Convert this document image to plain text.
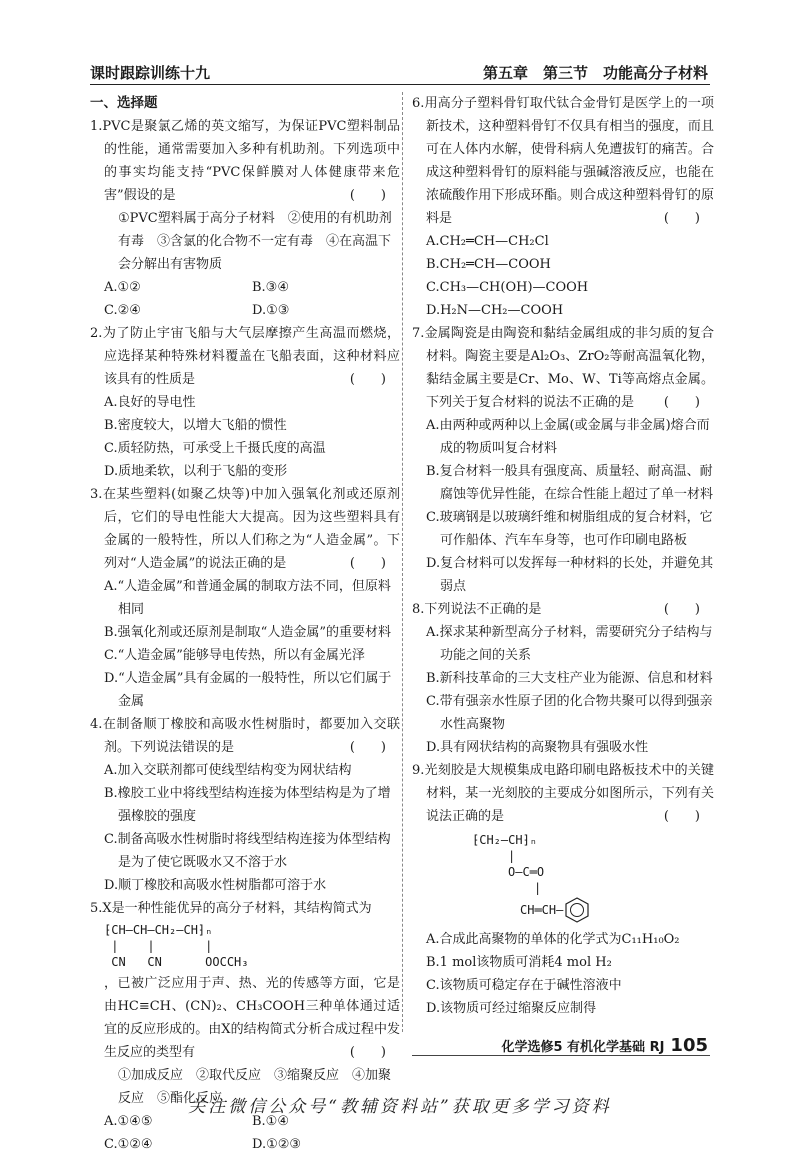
课时跟踪训练十九	第五章　第三节　功能高分子材料
一、选择题

1.PVC是聚氯乙烯的英文缩写，为保证PVC塑料制品的性能，通常需要加入多种有机助剂。下列选项中的事实均能支持“PVC保鲜膜对人体健康带来危害”假设的是	(　　)

①PVC塑料属于高分子材料　②使用的有机助剂有毒　③含氯的化合物不一定有毒　④在高温下会分解出有害物质

A.①②	B.③④
C.②④	D.①③

2.为了防止宇宙飞船与大气层摩擦产生高温而燃烧，应选择某种特殊材料覆盖在飞船表面，这种材料应该具有的性质是	(　　)

A.良好的导电性

B.密度较大，以增大飞船的惯性

C.质轻防热，可承受上千摄氏度的高温

D.质地柔软，以利于飞船的变形

3.在某些塑料(如聚乙炔等)中加入强氧化剂或还原剂后，它们的导电性能大大提高。因为这些塑料具有金属的一般特性，所以人们称之为“人造金属”。下列对“人造金属”的说法正确的是	(　　)

A.“人造金属”和普通金属的制取方法不同，但原料相同

B.强氧化剂或还原剂是制取“人造金属”的重要材料

C.“人造金属”能够导电传热，所以有金属光泽

D.“人造金属”具有金属的一般特性，所以它们属于金属

4.在制备顺丁橡胶和高吸水性树脂时，都要加入交联剂。下列说法错误的是	(　　)

A.加入交联剂都可使线型结构变为网状结构

B.橡胶工业中将线型结构连接为体型结构是为了增强橡胶的强度

C.制备高吸水性树脂时将线型结构连接为体型结构是为了使它既吸水又不溶于水

D.顺丁橡胶和高吸水性树脂都可溶于水

5.X是一种性能优异的高分子材料，其结构简式为

⁅CH—CH—CH₂—CH⁆ₙ
|    |       |
CN   CN      OOCCH₃

，已被广泛应用于声、热、光的传感等方面，它是由HC≡CH、(CN)₂、CH₃COOH三种单体通过适宜的反应形成的。由X的结构简式分析合成过程中发生反应的类型有	(　　)

①加成反应　②取代反应　③缩聚反应　④加聚反应　⑤酯化反应

A.①④⑤	B.①④
C.①②④	D.①②③

6.用高分子塑料骨钉取代钛合金骨钉是医学上的一项新技术，这种塑料骨钉不仅具有相当的强度，而且可在人体内水解，使骨科病人免遭拔钉的痛苦。合成这种塑料骨钉的原料能与强碱溶液反应，也能在浓硫酸作用下形成环酯。则合成这种塑料骨钉的原料是	(　　)

A.CH₂═CH—CH₂Cl

B.CH₂═CH—COOH

C.CH₃—CH(OH)—COOH

D.H₂N—CH₂—COOH

7.金属陶瓷是由陶瓷和黏结金属组成的非匀质的复合材料。陶瓷主要是Al₂O₃、ZrO₂等耐高温氧化物，黏结金属主要是Cr、Mo、W、Ti等高熔点金属。下列关于复合材料的说法不正确的是 (　　)

A.由两种或两种以上金属(或金属与非金属)熔合而成的物质叫复合材料

B.复合材料一般具有强度高、质量轻、耐高温、耐腐蚀等优异性能，在综合性能上超过了单一材料

C.玻璃钢是以玻璃纤维和树脂组成的复合材料，它可作船体、汽车车身等，也可作印刷电路板

D.复合材料可以发挥每一种材料的长处，并避免其弱点

8.下列说法不正确的是	(　　)

A.探求某种新型高分子材料，需要研究分子结构与功能之间的关系

B.新科技革命的三大支柱产业为能源、信息和材料

C.带有强亲水性原子团的化合物共聚可以得到强亲水性高聚物

D.具有网状结构的高聚物具有强吸水性

9.光刻胶是大规模集成电路印刷电路板技术中的关键材料，某一光刻胶的主要成分如图所示，下列有关说法正确的是	(　　)

⁅CH₂—CH⁆ₙ
|
O—C═O
|
CH═CH—

A.合成此高聚物的单体的化学式为C₁₁H₁₀O₂

B.1 mol该物质可消耗4 mol H₂

C.该物质可稳定存在于碱性溶液中

D.该物质可经过缩聚反应制得

化学选修5 有机化学基础 RJ 105
关注微信公众号“教辅资料站”获取更多学习资料
